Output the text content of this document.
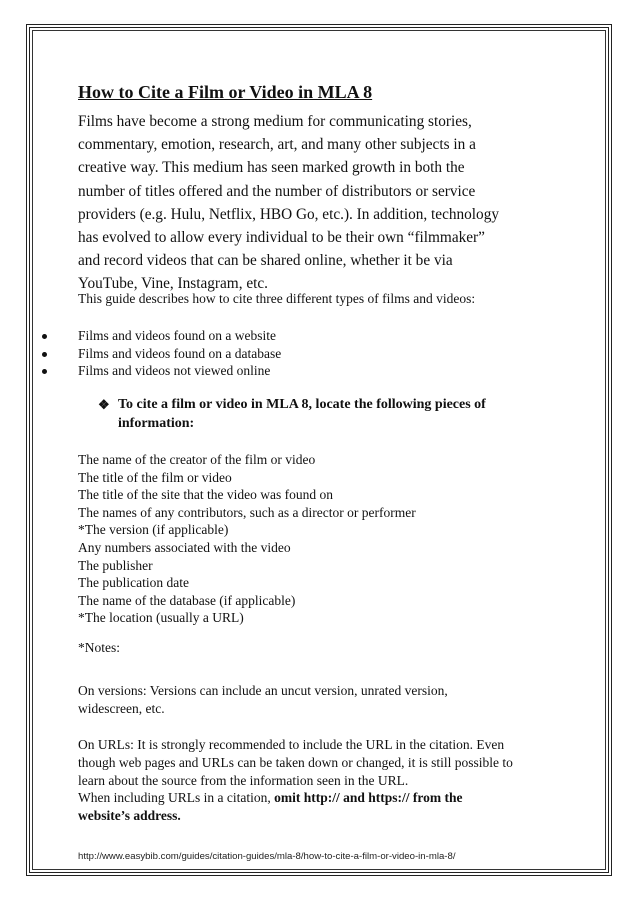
How to Cite a Film or Video in MLA 8
Films have become a strong medium for communicating stories,
commentary, emotion, research, art, and many other subjects in a
creative way. This medium has seen marked growth in both the
number of titles offered and the number of distributors or service
providers (e.g. Hulu, Netflix, HBO Go, etc.). In addition, technology
has evolved to allow every individual to be their own “filmmaker”
and record videos that can be shared online, whether it be via
YouTube, Vine, Instagram, etc.

This guide describes how to cite three different types of films and videos:

Films and videos found on a website
Films and videos found on a database
Films and videos not viewed online
❖ To cite a film or video in MLA 8, locate the following pieces of
information:
The name of the creator of the film or video
The title of the film or video
The title of the site that the video was found on
The names of any contributors, such as a director or performer
*The version (if applicable)
Any numbers associated with the video
The publisher
The publication date
The name of the database (if applicable)
*The location (usually a URL)

*Notes:

On versions: Versions can include an uncut version, unrated version,
widescreen, etc.
On URLs: It is strongly recommended to include the URL in the citation. Even
though web pages and URLs can be taken down or changed, it is still possible to
learn about the source from the information seen in the URL.
When including URLs in a citation, omit http:// and https:// from the
website’s address.

http://www.easybib.com/guides/citation-guides/mla-8/how-to-cite-a-film-or-video-in-mla-8/
